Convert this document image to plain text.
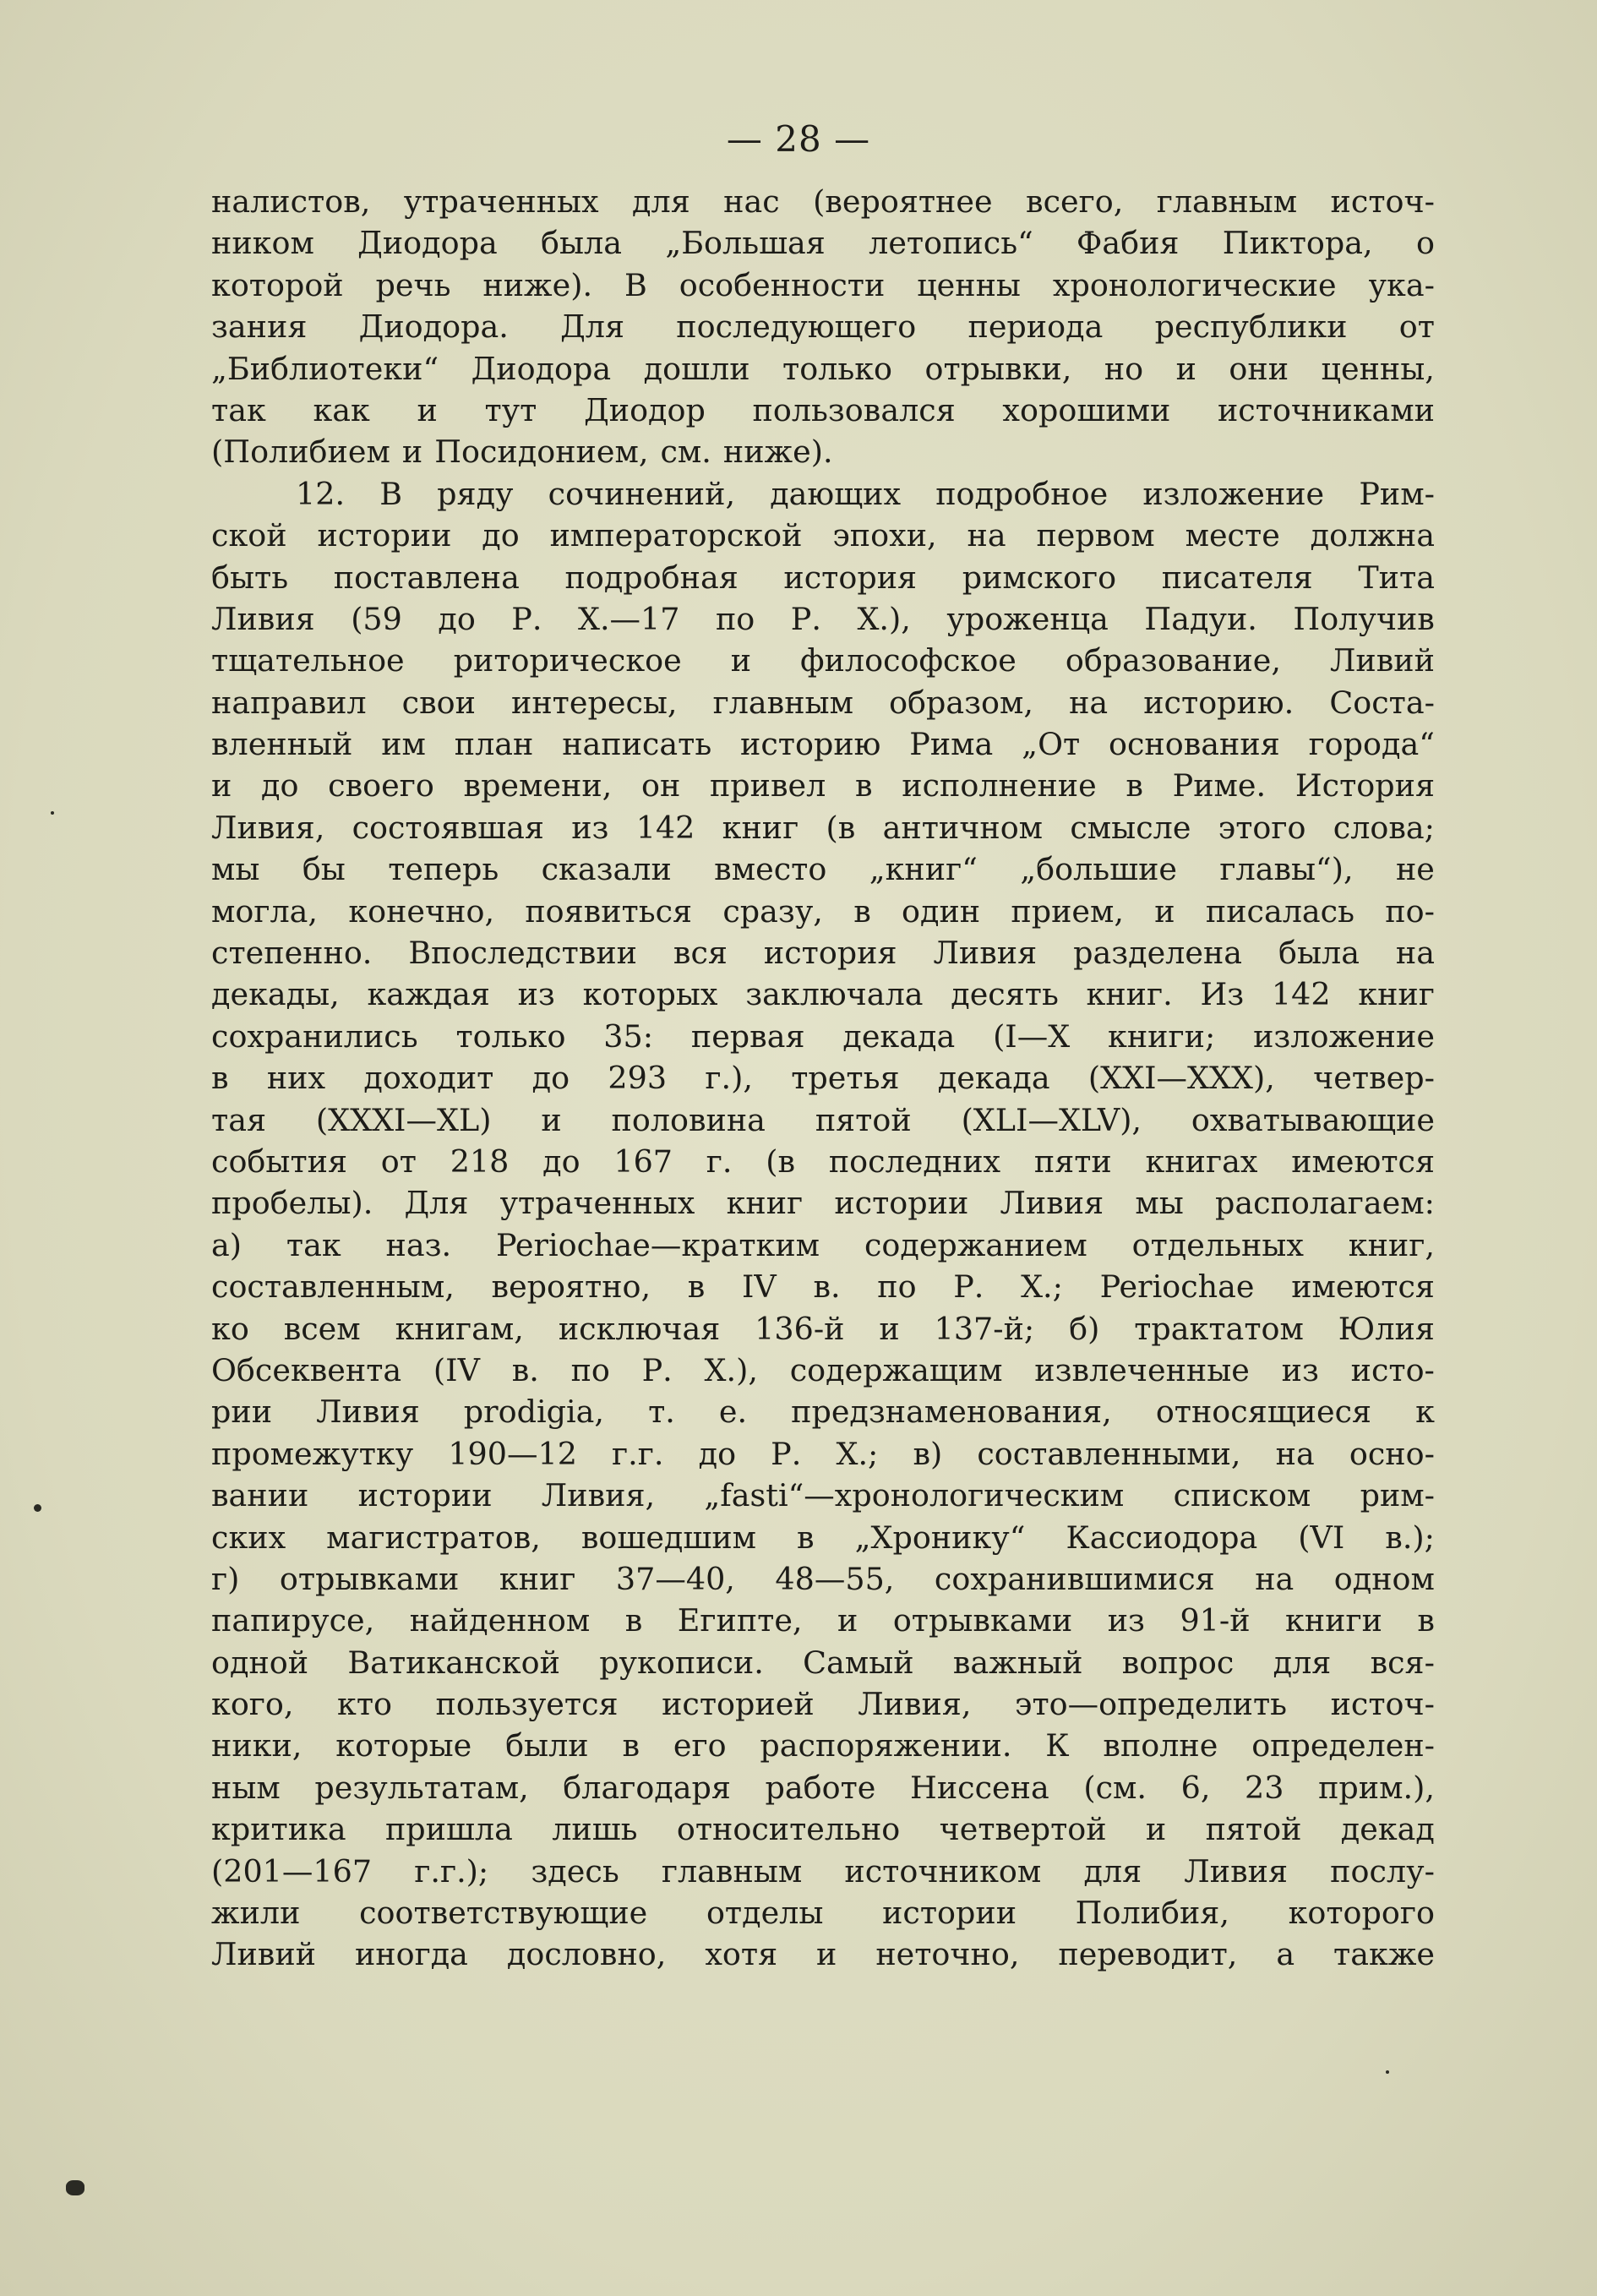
— 28 —
налистов, утраченных для нас (вероятнее всего, главным источ-
ником Диодора была „Большая летопись“ Фабия Пиктора, о
которой речь ниже). В особенности ценны хронологические ука-
зания Диодора. Для последующего периода республики от
„Библиотеки“ Диодора дошли только отрывки, но и они ценны,
так как и тут Диодор пользовался хорошими источниками
(Полибием и Посидонием, см. ниже).
12. В ряду сочинений, дающих подробное изложение Рим-
ской истории до императорской эпохи, на первом месте должна
быть поставлена подробная история римского писателя Тита
Ливия (59 до Р. Х.—17 по Р. Х.), уроженца Падуи. Получив
тщательное риторическое и философское образование, Ливий
направил свои интересы, главным образом, на историю. Соста-
вленный им план написать историю Рима „От основания города“
и до своего времени, он привел в исполнение в Риме. История
Ливия, состоявшая из 142 книг (в античном смысле этого слова;
мы бы теперь сказали вместо „книг“ „большие главы“), не
могла, конечно, появиться сразу, в один прием, и писалась по-
степенно. Впоследствии вся история Ливия разделена была на
декады, каждая из которых заключала десять книг. Из 142 книг
сохранились только 35: первая декада (I—X книги; изложение
в них доходит до 293 г.), третья декада (XXI—XXX), четвер-
тая (XXXI—XL) и половина пятой (XLI—XLV), охватывающие
события от 218 до 167 г. (в последних пяти книгах имеются
пробелы). Для утраченных книг истории Ливия мы располагаем:
а) так наз. Periochae—кратким содержанием отдельных книг,
составленным, вероятно, в IV в. по Р. Х.; Periochae имеются
ко всем книгам, исключая 136-й и 137-й; б) трактатом Юлия
Обсеквента (IV в. по Р. Х.), содержащим извлеченные из исто-
рии Ливия prodigia, т. е. предзнаменования, относящиеся к
промежутку 190—12 г.г. до Р. Х.; в) составленными, на осно-
вании истории Ливия, „fasti“—хронологическим списком рим-
ских магистратов, вошедшим в „Хронику“ Кассиодора (VI в.);
г) отрывками книг 37—40, 48—55, сохранившимися на одном
папирусе, найденном в Египте, и отрывками из 91-й книги в
одной Ватиканской рукописи. Самый важный вопрос для вся-
кого, кто пользуется историей Ливия, это—определить источ-
ники, которые были в его распоряжении. К вполне определен-
ным результатам, благодаря работе Ниссена (см. 6, 23 прим.),
критика пришла лишь относительно четвертой и пятой декад
(201—167 г.г.); здесь главным источником для Ливия послу-
жили соответствующие отделы истории Полибия, которого
Ливий иногда дословно, хотя и неточно, переводит, а также
